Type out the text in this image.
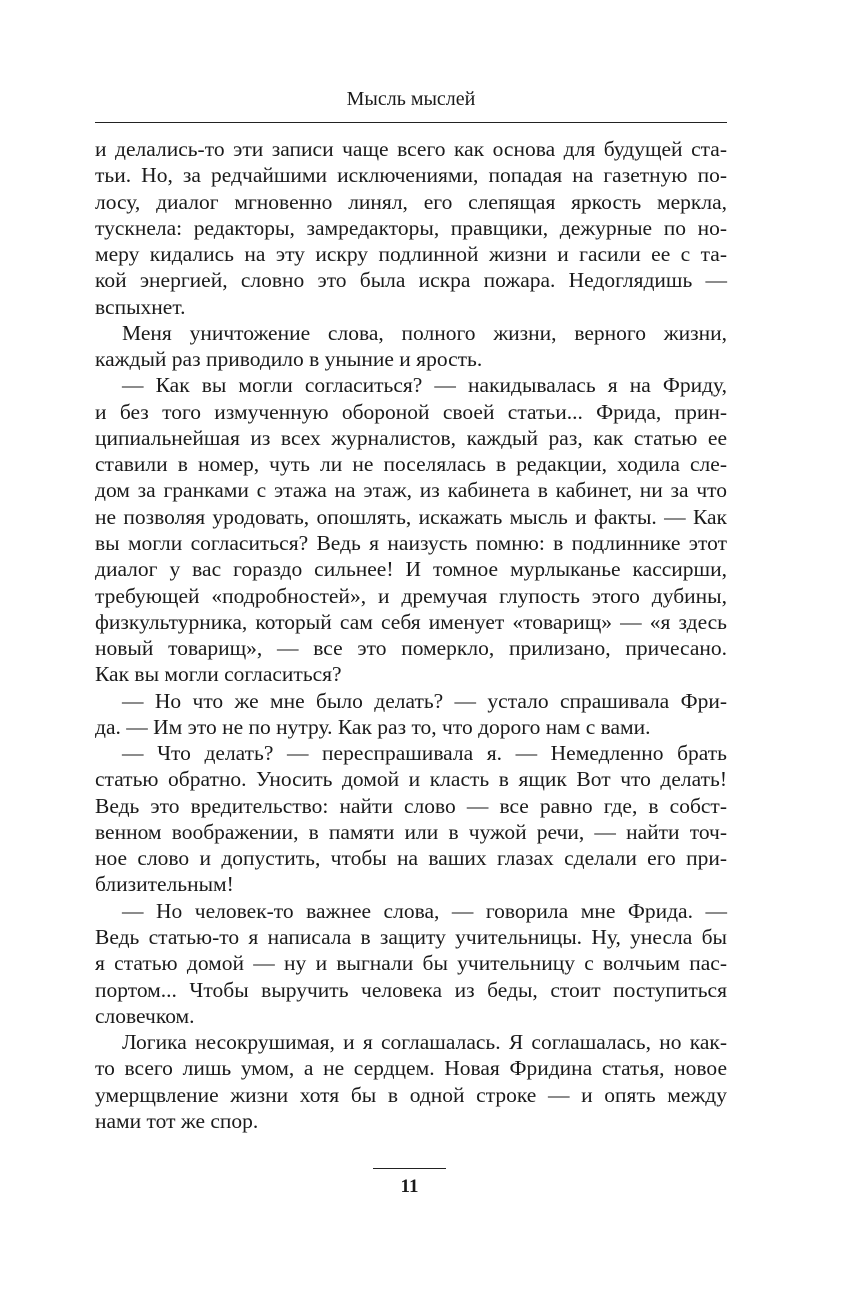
Мысль мыслей
и делались-то эти записи чаще всего как основа для будущей ста-
тьи. Но, за редчайшими исключениями, попадая на газетную по-
лосу, диалог мгновенно линял, его слепящая яркость меркла,
тускнела: редакторы, замредакторы, правщики, дежурные по но-
меру кидались на эту искру подлинной жизни и гасили ее с та-
кой энергией, словно это была искра пожара. Недоглядишь —
вспыхнет.
Меня уничтожение слова, полного жизни, верного жизни,
каждый раз приводило в уныние и ярость.
— Как вы могли согласиться? — накидывалась я на Фриду,
и без того измученную обороной своей статьи... Фрида, прин-
ципиальнейшая из всех журналистов, каждый раз, как статью ее
ставили в номер, чуть ли не поселялась в редакции, ходила сле-
дом за гранками с этажа на этаж, из кабинета в кабинет, ни за что
не позволяя уродовать, опошлять, искажать мысль и факты. — Как
вы могли согласиться? Ведь я наизусть помню: в подлиннике этот
диалог у вас гораздо сильнее! И томное мурлыканье кассирши,
требующей «подробностей», и дремучая глупость этого дубины,
физкультурника, который сам себя именует «товарищ» — «я здесь
новый товарищ», — все это померкло, прилизано, причесано.
Как вы могли согласиться?
— Но что же мне было делать? — устало спрашивала Фри-
да. — Им это не по нутру. Как раз то, что дорого нам с вами.
— Что делать? — переспрашивала я. — Немедленно брать
статью обратно. Уносить домой и класть в ящик Вот что делать!
Ведь это вредительство: найти слово — все равно где, в собст-
венном воображении, в памяти или в чужой речи, — найти точ-
ное слово и допустить, чтобы на ваших глазах сделали его при-
близительным!
— Но человек-то важнее слова, — говорила мне Фрида. —
Ведь статью-то я написала в защиту учительницы. Ну, унесла бы
я статью домой — ну и выгнали бы учительницу с волчьим пас-
портом... Чтобы выручить человека из беды, стоит поступиться
словечком.
Логика несокрушимая, и я соглашалась. Я соглашалась, но как-
то всего лишь умом, а не сердцем. Новая Фридина статья, новое
умерщвление жизни хотя бы в одной строке — и опять между
нами тот же спор.
11
